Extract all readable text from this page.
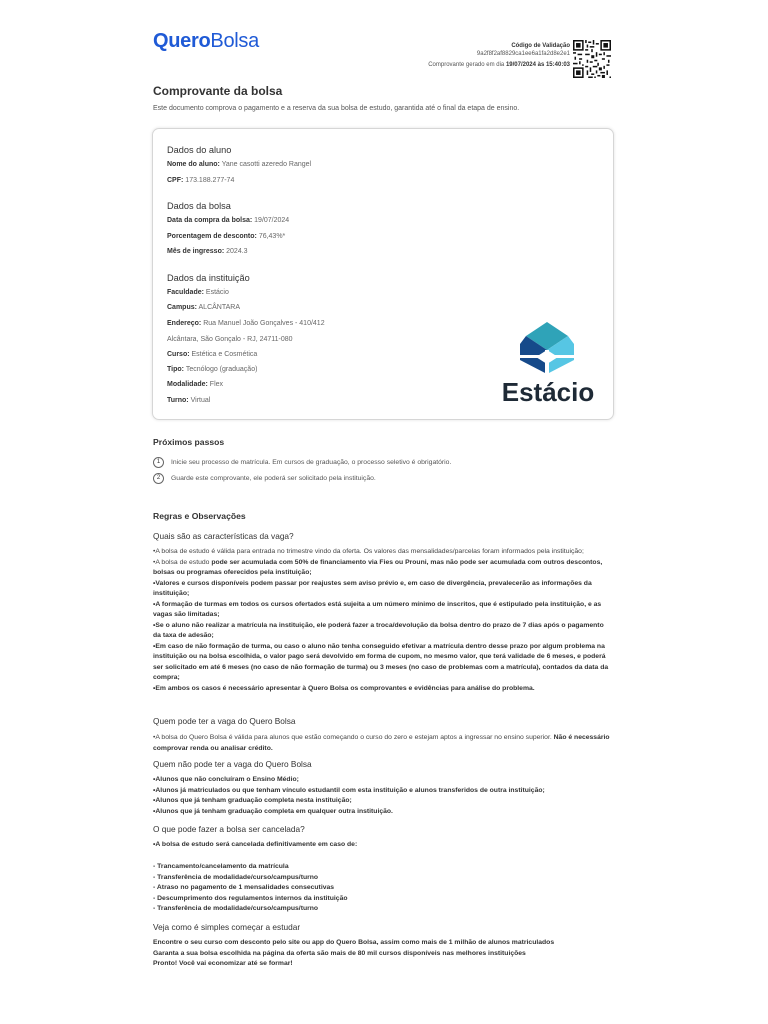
QueroBolsa	Código de Validação
9a2f8f2af8829ca1ee6a1fa2d8e2e1
Comprovante gerado em dia 19/07/2024 às 15:40:03
Comprovante da bolsa
Este documento comprova o pagamento e a reserva da sua bolsa de estudo, garantida até o final da etapa de ensino.
Dados do aluno
Nome do aluno: Yane casotti azeredo Rangel
CPF: 173.188.277-74
Dados da bolsa
Data da compra da bolsa: 19/07/2024
Porcentagem de desconto: 76,43%*
Mês de ingresso: 2024.3
Dados da instituição
Faculdade: Estácio
Campus: ALCÂNTARA
Endereço: Rua Manuel João Gonçalves - 410/412
Alcântara, São Gonçalo - RJ, 24711-080
Curso: Estética e Cosmética
Tipo: Tecnólogo (graduação)
Modalidade: Flex
Turno: Virtual	Estácio
Próximos passos
1	Inicie seu processo de matrícula. Em cursos de graduação, o processo seletivo é obrigatório.
2	Guarde este comprovante, ele poderá ser solicitado pela instituição.
Regras e Observações
Quais são as características da vaga?
• A bolsa de estudo é válida para entrada no trimestre vindo da oferta. Os valores das mensalidades/parcelas foram informados pela instituição;
• A bolsa de estudo pode ser acumulada com 50% de financiamento via Fies ou Prouni, mas não pode ser acumulada com outros descontos, bolsas ou programas oferecidos pela instituição;
• Valores e cursos disponíveis podem passar por reajustes sem aviso prévio e, em caso de divergência, prevalecerão as informações da instituição;
• A formação de turmas em todos os cursos ofertados está sujeita a um número mínimo de inscritos, que é estipulado pela instituição, e as vagas são limitadas;
• Se o aluno não realizar a matrícula na instituição, ele poderá fazer a troca/devolução da bolsa dentro do prazo de 7 dias após o pagamento da taxa de adesão;
• Em caso de não formação de turma, ou caso o aluno não tenha conseguido efetivar a matrícula dentro desse prazo por algum problema na instituição ou na bolsa escolhida, o valor pago será devolvido em forma de cupom, no mesmo valor, que terá validade de 6 meses, e poderá ser solicitado em até 6 meses (no caso de não formação de turma) ou 3 meses (no caso de problemas com a matrícula), contados da data da compra;
• Em ambos os casos é necessário apresentar à Quero Bolsa os comprovantes e evidências para análise do problema.
Quem pode ter a vaga do Quero Bolsa
• A bolsa do Quero Bolsa é válida para alunos que estão começando o curso do zero e estejam aptos a ingressar no ensino superior. Não é necessário comprovar renda ou analisar crédito.
Quem não pode ter a vaga do Quero Bolsa
• Alunos que não concluíram o Ensino Médio;
• Alunos já matriculados ou que tenham vínculo estudantil com esta instituição e alunos transferidos de outra instituição;
• Alunos que já tenham graduação completa nesta instituição;
• Alunos que já tenham graduação completa em qualquer outra instituição.
O que pode fazer a bolsa ser cancelada?
• A bolsa de estudo será cancelada definitivamente em caso de:
- Trancamento/cancelamento da matrícula
- Transferência de modalidade/curso/campus/turno
- Atraso no pagamento de 1 mensalidades consecutivas
- Descumprimento dos regulamentos internos da instituição
- Transferência de modalidade/curso/campus/turno
Veja como é simples começar a estudar
Encontre o seu curso com desconto pelo site ou app do Quero Bolsa, assim como mais de 1 milhão de alunos matriculados
Garanta a sua bolsa escolhida na página da oferta são mais de 80 mil cursos disponíveis nas melhores instituições
Pronto! Você vai economizar até se formar!
